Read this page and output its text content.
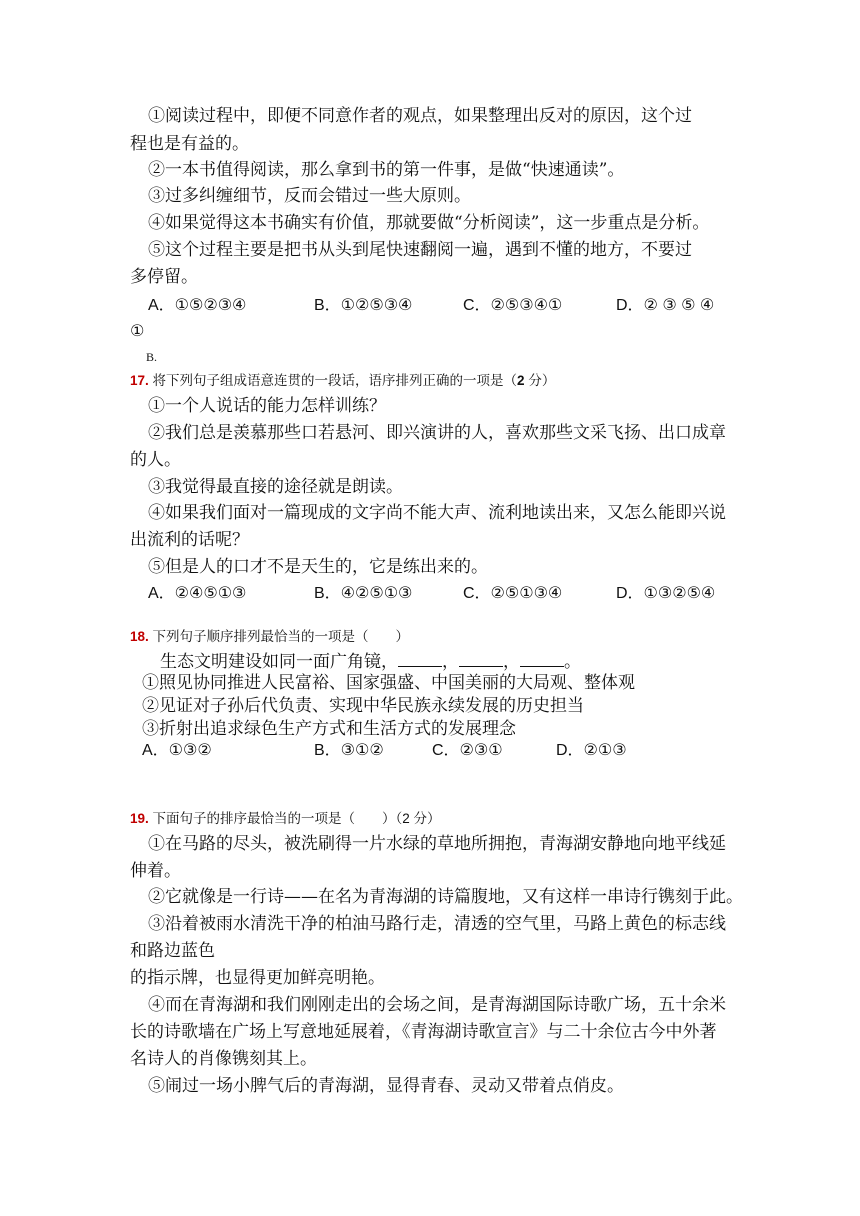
①阅读过程中，即便不同意作者的观点，如果整理出反对的原因，这个过
程也是有益的。
②一本书值得阅读，那么拿到书的第一件事，是做“快速通读”。
③过多纠缠细节，反而会错过一些大原则。
④如果觉得这本书确实有价值，那就要做“分析阅读”，这一步重点是分析。
⑤这个过程主要是把书从头到尾快速翻阅一遍，遇到不懂的地方，不要过
多停留。
A．①⑤②③④	B．①②⑤③④	C．②⑤③④①	D．② ③ ⑤ ④
①
B.
17. 将下列句子组成语意连贯的一段话，语序排列正确的一项是（2 分）
①一个人说话的能力怎样训练？
②我们总是羡慕那些口若悬河、即兴演讲的人，喜欢那些文采飞扬、出口成章
的人。
③我觉得最直接的途径就是朗读。
④如果我们面对一篇现成的文字尚不能大声、流利地读出来，又怎么能即兴说
出流利的话呢？
⑤但是人的口才不是天生的，它是练出来的。
A．②④⑤①③	B．④②⑤①③	C．②⑤①③④	D．①③②⑤④
18. 下列句子顺序排列最恰当的一项是（　　）
生态文明建设如同一面广角镜，	，	，	。
①照见协同推进人民富裕、国家强盛、中国美丽的大局观、整体观
②见证对子孙后代负责、实现中华民族永续发展的历史担当
③折射出追求绿色生产方式和生活方式的发展理念
A．①③②	B．③①②	C．②③①	D．②①③
19. 下面句子的排序最恰当的一项是（　　）（2 分）
①在马路的尽头，被洗刷得一片水绿的草地所拥抱，青海湖安静地向地平线延
伸着。
②它就像是一行诗——在名为青海湖的诗篇腹地，又有这样一串诗行镌刻于此。
③沿着被雨水清洗干净的柏油马路行走，清透的空气里，马路上黄色的标志线
和路边蓝色
的指示牌，也显得更加鲜亮明艳。
④而在青海湖和我们刚刚走出的会场之间，是青海湖国际诗歌广场，五十余米
长的诗歌墙在广场上写意地延展着，《青海湖诗歌宣言》与二十余位古今中外著
名诗人的肖像镌刻其上。
⑤闹过一场小脾气后的青海湖，显得青春、灵动又带着点俏皮。
